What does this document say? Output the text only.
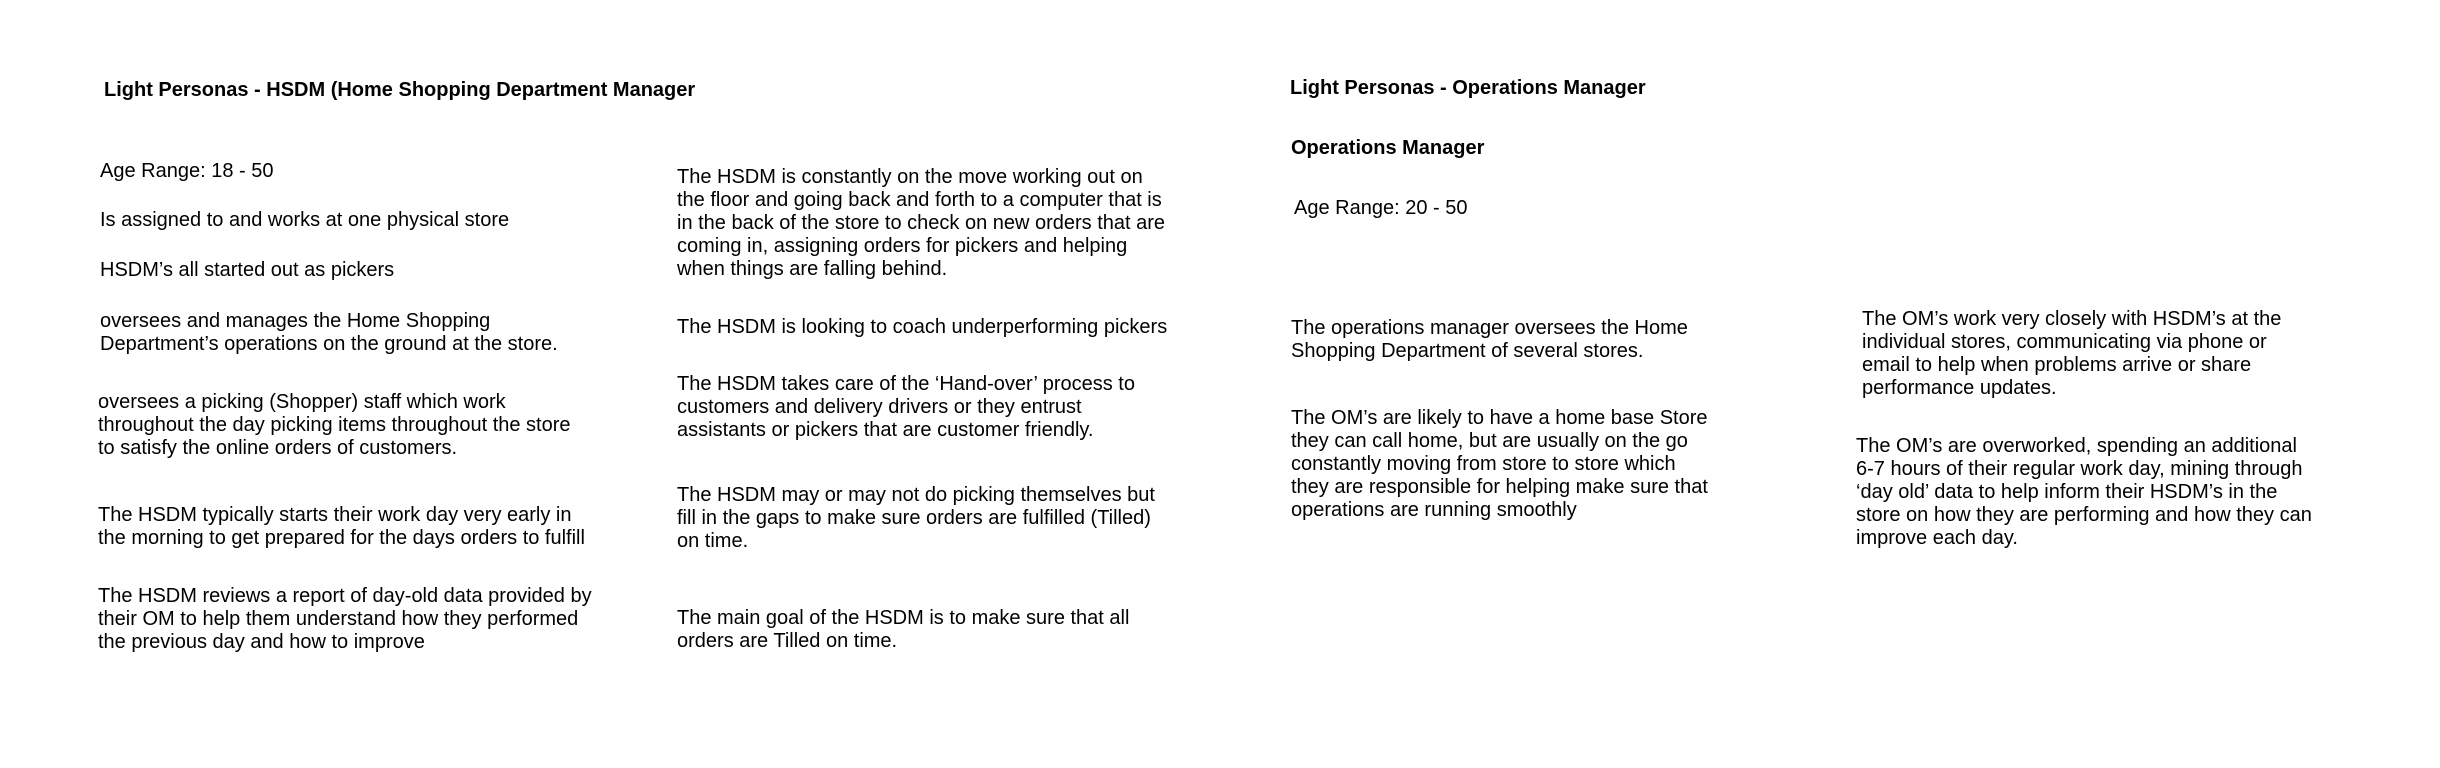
Light Personas - HSDM (Home Shopping Department Manager

Age Range: 18 - 50

Is assigned to and works at one physical store

HSDM’s all started out as pickers

oversees and manages the Home Shopping
Department’s operations on the ground at the store.

oversees a picking (Shopper) staff which work
throughout the day picking items throughout the store
to satisfy the online orders of customers.

The HSDM typically starts their work day very early in
the morning to get prepared for the days orders to fulfill

The HSDM reviews a report of day-old data provided by
their OM to help them understand how they performed
the previous day and how to improve

The HSDM is constantly on the move working out on
the floor and going back and forth to a computer that is
in the back of the store to check on new orders that are
coming in, assigning orders for pickers and helping
when things are falling behind.

The HSDM is looking to coach underperforming pickers

The HSDM takes care of the ‘Hand-over’ process to
customers and delivery drivers or they entrust
assistants or pickers that are customer friendly.

The HSDM may or may not do picking themselves but
fill in the gaps to make sure orders are fulfilled (Tilled)
on time.

The main goal of the HSDM is to make sure that all
orders are Tilled on time.

Light Personas - Operations Manager
Operations Manager

Age Range: 20 - 50

The operations manager oversees the Home
Shopping Department of several stores.

The OM’s are likely to have a home base Store
they can call home, but are usually on the go
constantly moving from store to store which
they are responsible for helping make sure that
operations are running smoothly

The OM’s work very closely with HSDM’s at the
individual stores, communicating via phone or
email to help when problems arrive or share
performance updates.

The OM’s are overworked, spending an additional
6-7 hours of their regular work day, mining through
‘day old’ data to help inform their HSDM’s in the
store on how they are performing and how they can
improve each day.
